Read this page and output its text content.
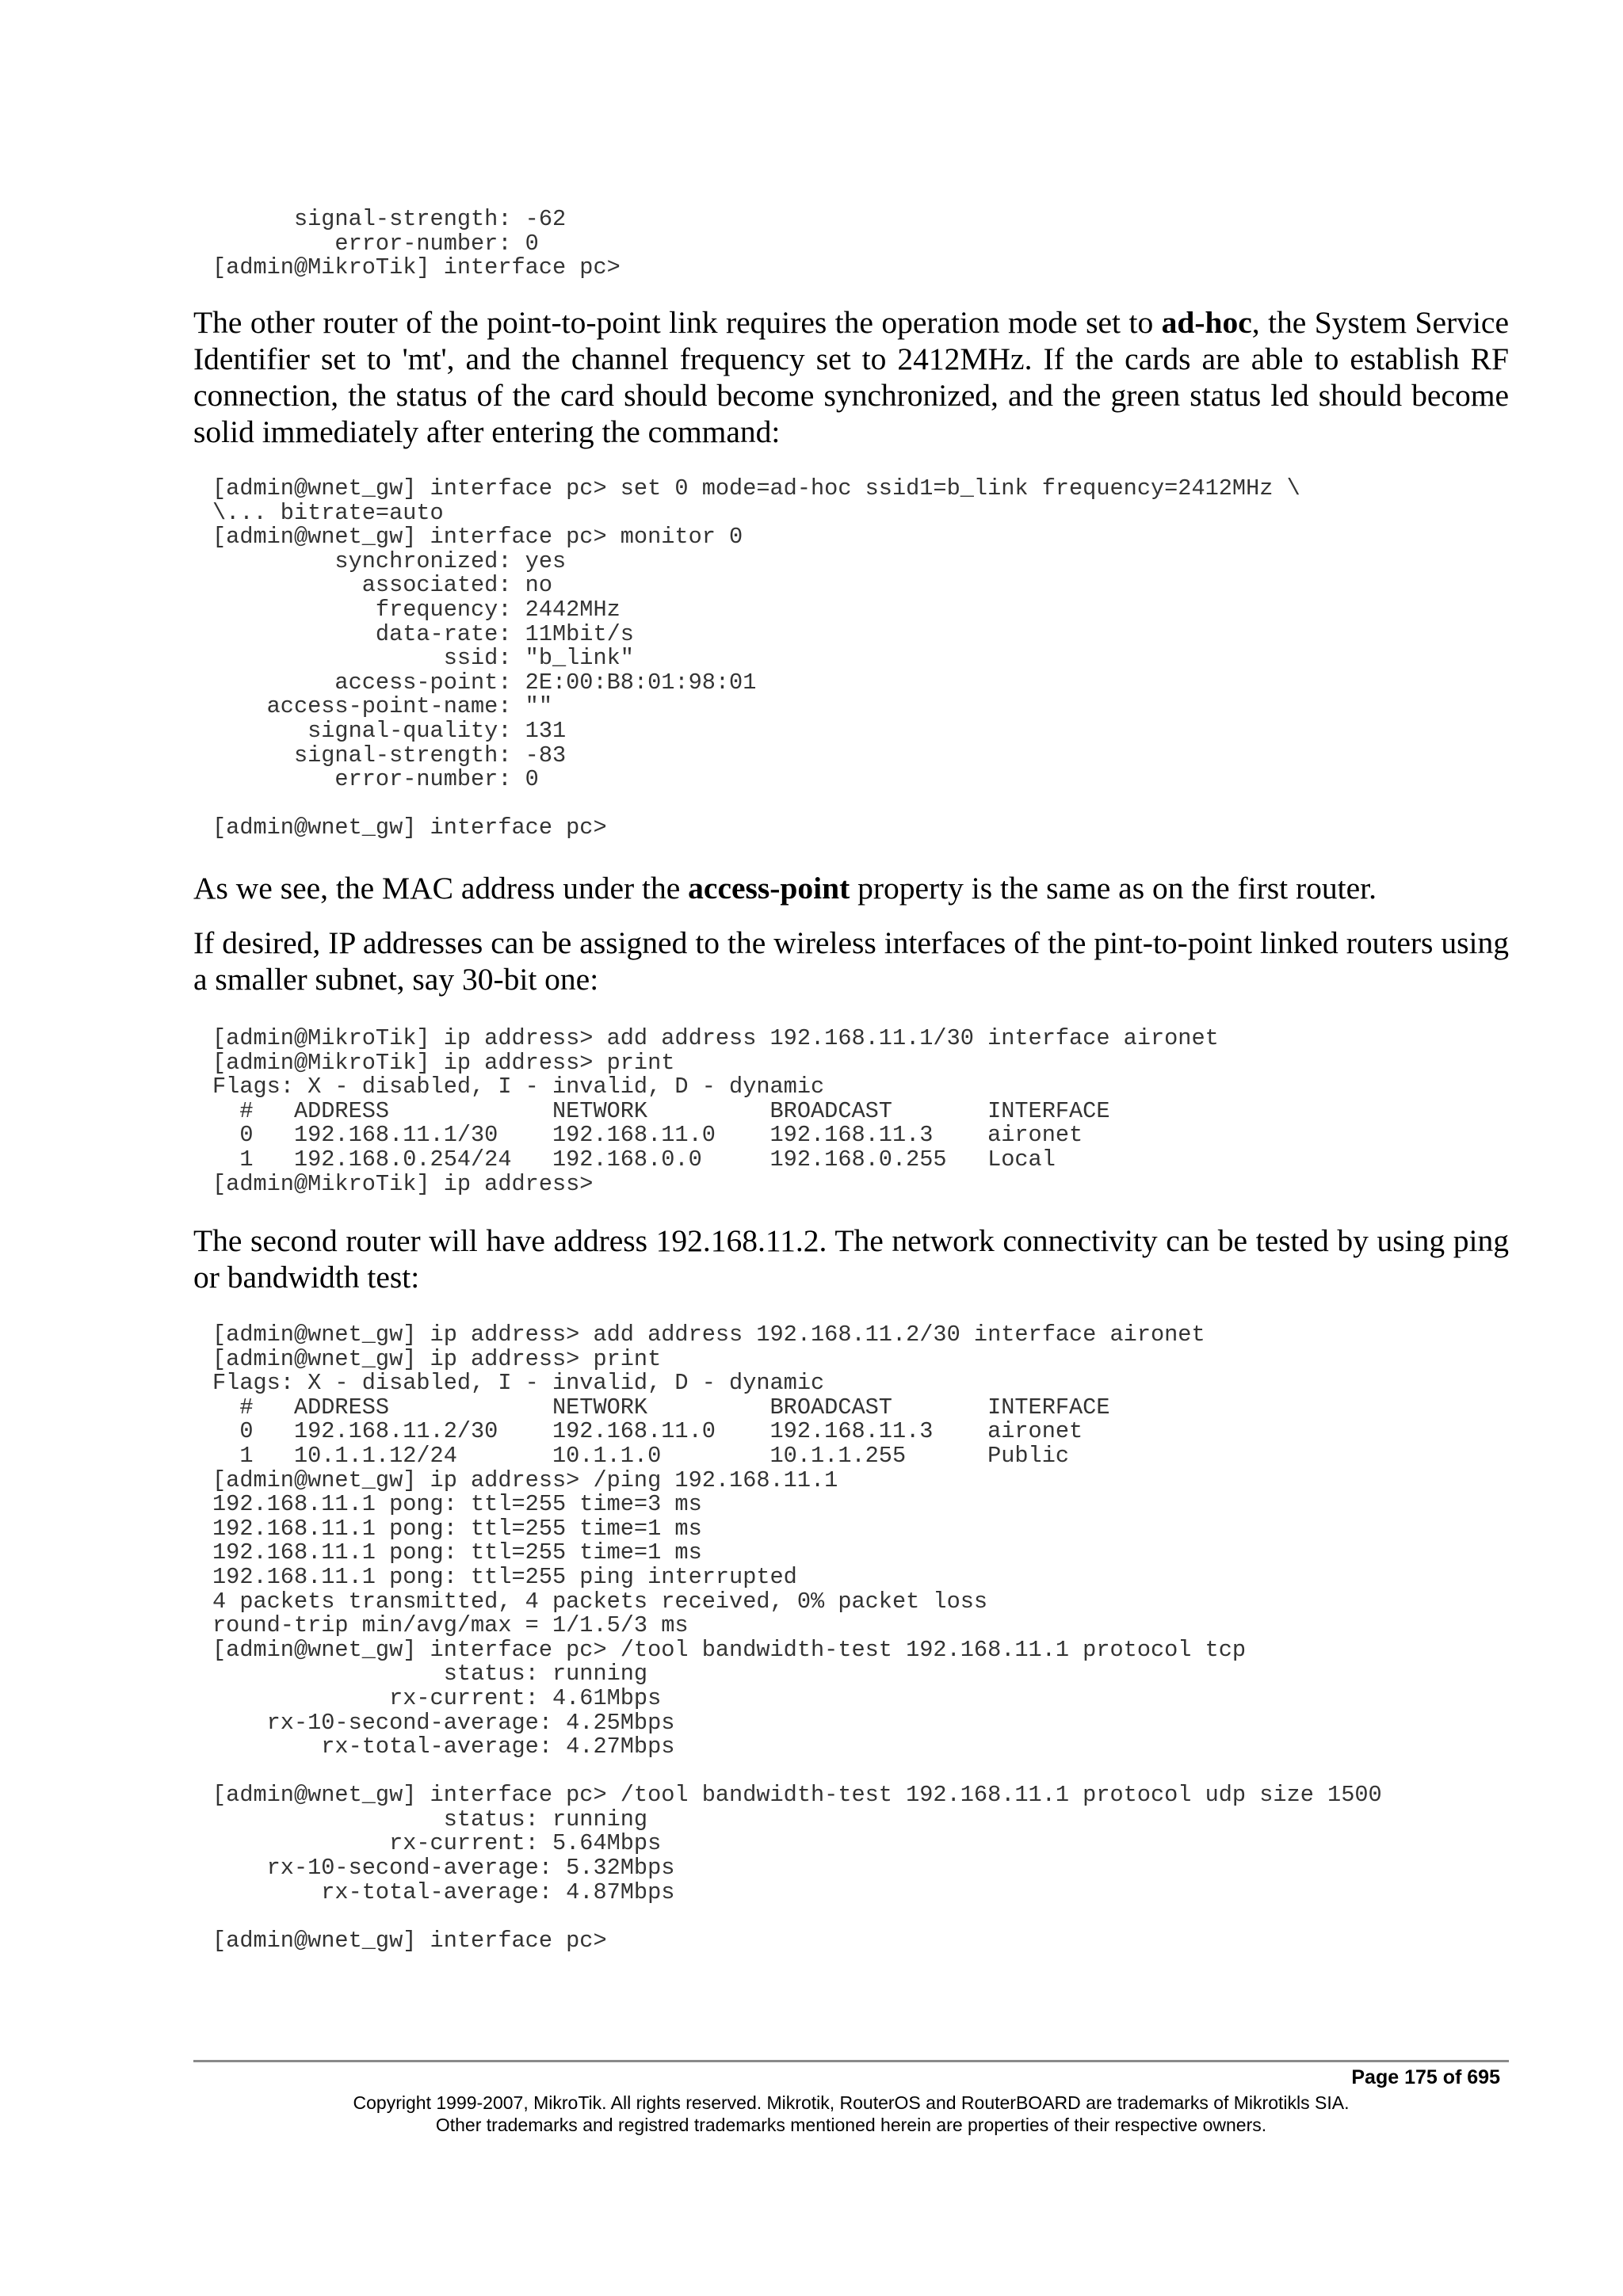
signal-strength: -62
error-number: 0
[admin@MikroTik] interface pc>

The other router of the point-to-point link requires the operation mode set to ad-hoc, the System Service Identifier set to 'mt', and the channel frequency set to 2412MHz. If the cards are able to establish RF connection, the status of the card should become synchronized, and the green status led should become solid immediately after entering the command:

[admin@wnet_gw] interface pc> set 0 mode=ad-hoc ssid1=b_link frequency=2412MHz \
\... bitrate=auto
[admin@wnet_gw] interface pc> monitor 0
synchronized: yes
associated: no
frequency: 2442MHz
data-rate: 11Mbit/s
ssid: "b_link"
access-point: 2E:00:B8:01:98:01
access-point-name: ""
signal-quality: 131
signal-strength: -83
error-number: 0

[admin@wnet_gw] interface pc>

As we see, the MAC address under the access-point property is the same as on the first router.

If desired, IP addresses can be assigned to the wireless interfaces of the pint-to-point linked routers using a smaller subnet, say 30-bit one:

[admin@MikroTik] ip address> add address 192.168.11.1/30 interface aironet
[admin@MikroTik] ip address> print
Flags: X - disabled, I - invalid, D - dynamic
#   ADDRESS            NETWORK         BROADCAST       INTERFACE
0   192.168.11.1/30    192.168.11.0    192.168.11.3    aironet
1   192.168.0.254/24   192.168.0.0     192.168.0.255   Local
[admin@MikroTik] ip address>

The second router will have address 192.168.11.2. The network connectivity can be tested by using ping or bandwidth test:

[admin@wnet_gw] ip address> add address 192.168.11.2/30 interface aironet
[admin@wnet_gw] ip address> print
Flags: X - disabled, I - invalid, D - dynamic
#   ADDRESS            NETWORK         BROADCAST       INTERFACE
0   192.168.11.2/30    192.168.11.0    192.168.11.3    aironet
1   10.1.1.12/24       10.1.1.0        10.1.1.255      Public
[admin@wnet_gw] ip address> /ping 192.168.11.1
192.168.11.1 pong: ttl=255 time=3 ms
192.168.11.1 pong: ttl=255 time=1 ms
192.168.11.1 pong: ttl=255 time=1 ms
192.168.11.1 pong: ttl=255 ping interrupted
4 packets transmitted, 4 packets received, 0% packet loss
round-trip min/avg/max = 1/1.5/3 ms
[admin@wnet_gw] interface pc> /tool bandwidth-test 192.168.11.1 protocol tcp
status: running
rx-current: 4.61Mbps
rx-10-second-average: 4.25Mbps
rx-total-average: 4.27Mbps

[admin@wnet_gw] interface pc> /tool bandwidth-test 192.168.11.1 protocol udp size 1500
status: running
rx-current: 5.64Mbps
rx-10-second-average: 5.32Mbps
rx-total-average: 4.87Mbps

[admin@wnet_gw] interface pc>

Page 175 of 695

Copyright 1999-2007, MikroTik. All rights reserved. Mikrotik, RouterOS and RouterBOARD are trademarks of Mikrotikls SIA.

Other trademarks and registred trademarks mentioned herein are properties of their respective owners.
